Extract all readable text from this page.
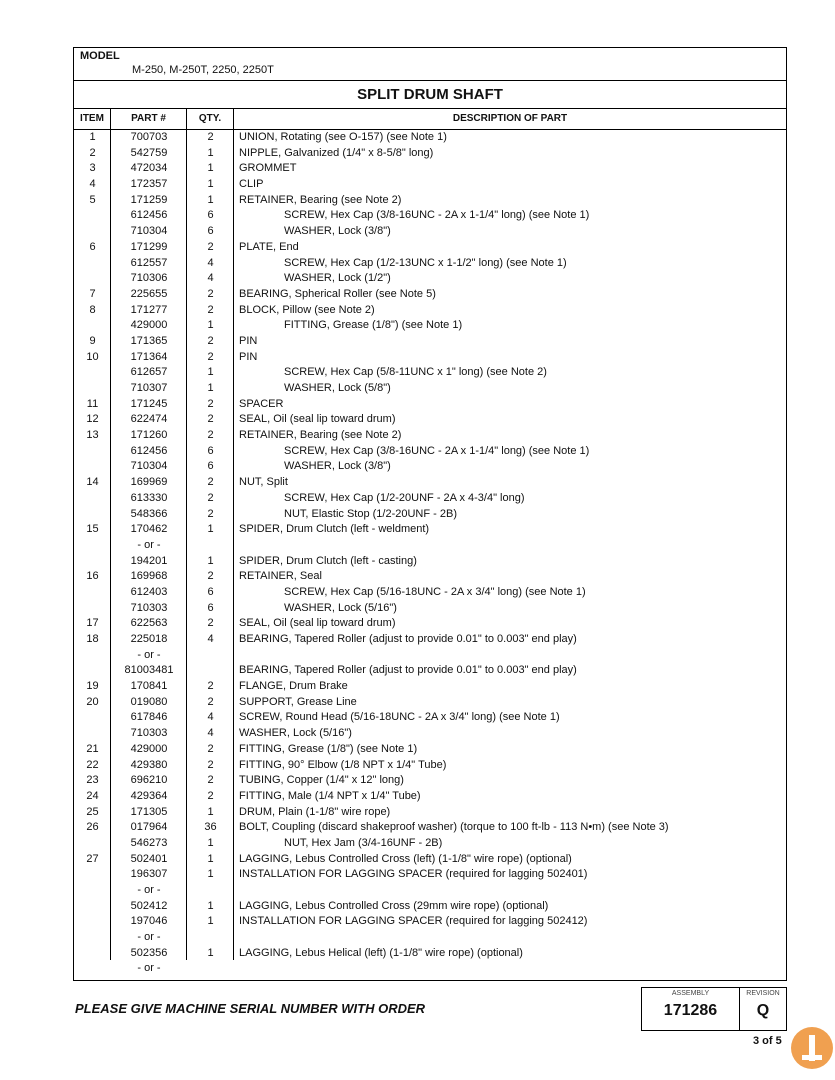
MODEL
M-250, M-250T, 2250, 2250T
SPLIT DRUM SHAFT
ITEM	PART #	QTY.	DESCRIPTION OF PART
1	700703	2	UNION, Rotating (see O-157) (see Note 1)
2	542759	1	NIPPLE, Galvanized (1/4" x 8-5/8" long)
3	472034	1	GROMMET
4	172357	1	CLIP
5	171259	1	RETAINER, Bearing (see Note 2)
612456	6	SCREW, Hex Cap (3/8-16UNC - 2A x 1-1/4" long) (see Note 1)
710304	6	WASHER, Lock (3/8")
6	171299	2	PLATE, End
612557	4	SCREW, Hex Cap (1/2-13UNC x 1-1/2" long) (see Note 1)
710306	4	WASHER, Lock (1/2")
7	225655	2	BEARING, Spherical Roller (see Note 5)
8	171277	2	BLOCK, Pillow (see Note 2)
429000	1	FITTING, Grease (1/8") (see Note 1)
9	171365	2	PIN
10	171364	2	PIN
612657	1	SCREW, Hex Cap (5/8-11UNC x 1" long) (see Note 2)
710307	1	WASHER, Lock (5/8")
11	171245	2	SPACER
12	622474	2	SEAL, Oil (seal lip toward drum)
13	171260	2	RETAINER, Bearing (see Note 2)
612456	6	SCREW, Hex Cap (3/8-16UNC - 2A x 1-1/4" long) (see Note 1)
710304	6	WASHER, Lock (3/8")
14	169969	2	NUT, Split
613330	2	SCREW, Hex Cap (1/2-20UNF - 2A x 4-3/4" long)
548366	2	NUT, Elastic Stop (1/2-20UNF - 2B)
15	170462	1	SPIDER, Drum Clutch (left - weldment)
- or -
194201	1	SPIDER, Drum Clutch (left - casting)
16	169968	2	RETAINER, Seal
612403	6	SCREW, Hex Cap (5/16-18UNC - 2A x 3/4" long) (see Note 1)
710303	6	WASHER, Lock (5/16")
17	622563	2	SEAL, Oil (seal lip toward drum)
18	225018	4	BEARING, Tapered Roller (adjust to provide 0.01" to 0.003" end play)
- or -
81003481	BEARING, Tapered Roller (adjust to provide 0.01" to 0.003" end play)
19	170841	2	FLANGE, Drum Brake
20	019080	2	SUPPORT, Grease Line
617846	4	SCREW, Round Head (5/16-18UNC - 2A x 3/4" long) (see Note 1)
710303	4	WASHER, Lock (5/16")
21	429000	2	FITTING, Grease (1/8") (see Note 1)
22	429380	2	FITTING, 90° Elbow (1/8 NPT x 1/4" Tube)
23	696210	2	TUBING, Copper (1/4" x 12" long)
24	429364	2	FITTING, Male (1/4 NPT x 1/4" Tube)
25	171305	1	DRUM, Plain (1-1/8" wire rope)
26	017964	36	BOLT, Coupling (discard shakeproof washer) (torque to 100 ft-lb - 113 N•m) (see Note 3)
546273	1	NUT, Hex Jam (3/4-16UNF - 2B)
27	502401	1	LAGGING, Lebus Controlled Cross (left) (1-1/8" wire rope) (optional)
196307	1	INSTALLATION FOR LAGGING SPACER (required for lagging 502401)
- or -
502412	1	LAGGING, Lebus Controlled Cross (29mm wire rope) (optional)
197046	1	INSTALLATION FOR LAGGING SPACER (required for lagging 502412)
- or -
502356	1	LAGGING, Lebus Helical (left) (1-1/8" wire rope) (optional)
- or -
PLEASE GIVE MACHINE SERIAL NUMBER WITH ORDER
ASSEMBLY
171286
REVISION
Q
3 of 5
